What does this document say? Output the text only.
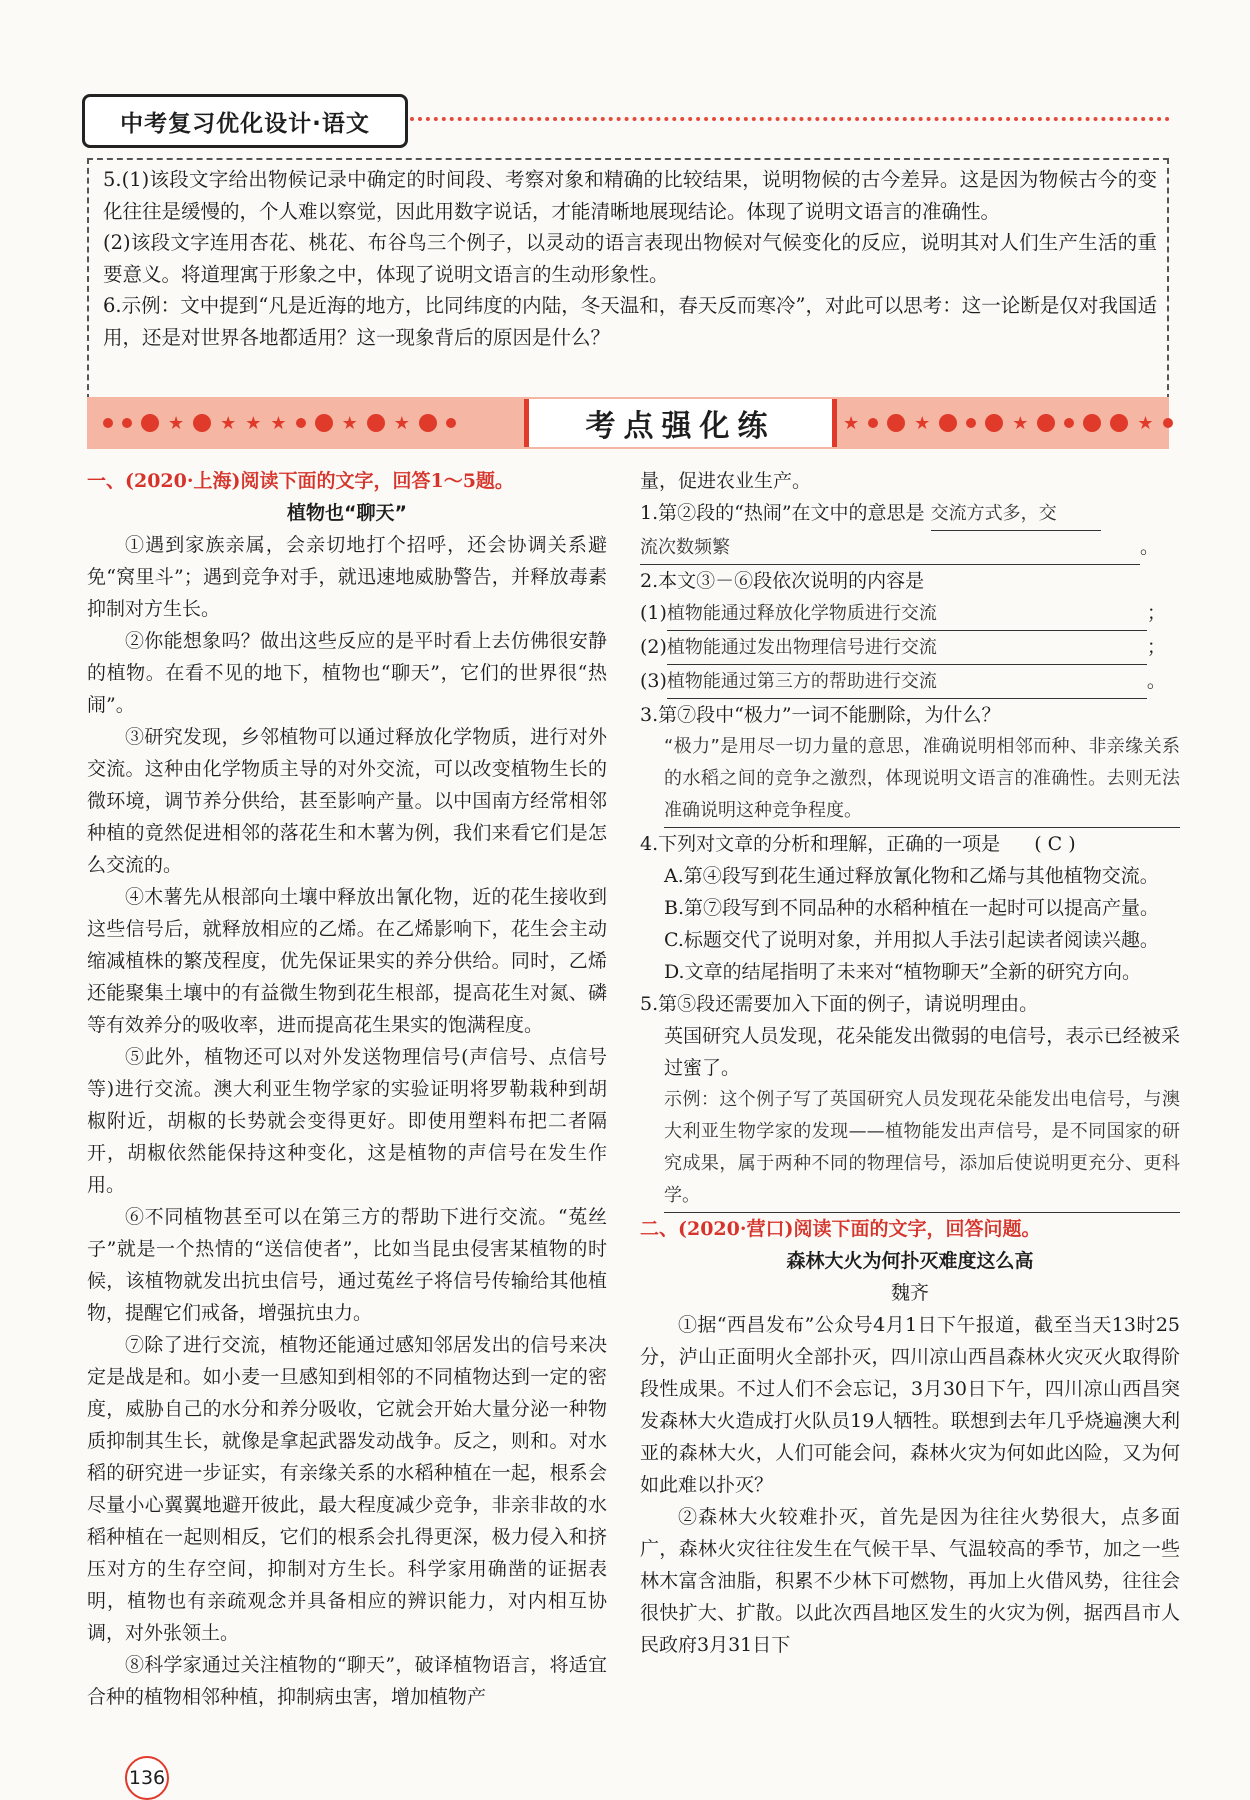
中考复习优化设计·语文

5.(1)该段文字给出物候记录中确定的时间段、考察对象和精确的比较结果，说明物候的古今差异。这是因为物候古今的变化往往是缓慢的，个人难以察觉，因此用数字说话，才能清晰地展现结论。体现了说明文语言的准确性。

(2)该段文字连用杏花、桃花、布谷鸟三个例子，以灵动的语言表现出物候对气候变化的反应，说明其对人们生产生活的重要意义。将道理寓于形象之中，体现了说明文语言的生动形象性。

6.示例：文中提到“凡是近海的地方，比同纬度的内陆，冬天温和，春天反而寒冷”，对此可以思考：这一论断是仅对我国适用，还是对世界各地都适用？这一现象背后的原因是什么？

★ ★ ★ ★	★ ★	考点强化练	★	★	★	★

一、(2020·上海)阅读下面的文字，回答1～5题。

植物也“聊天”

①遇到家族亲属，会亲切地打个招呼，还会协调关系避免“窝里斗”；遇到竞争对手，就迅速地威胁警告，并释放毒素抑制对方生长。

②你能想象吗？做出这些反应的是平时看上去仿佛很安静的植物。在看不见的地下，植物也“聊天”，它们的世界很“热闹”。

③研究发现，乡邻植物可以通过释放化学物质，进行对外交流。这种由化学物质主导的对外交流，可以改变植物生长的微环境，调节养分供给，甚至影响产量。以中国南方经常相邻种植的竟然促进相邻的落花生和木薯为例，我们来看它们是怎么交流的。

④木薯先从根部向土壤中释放出氰化物，近的花生接收到这些信号后，就释放相应的乙烯。在乙烯影响下，花生会主动缩减植株的繁茂程度，优先保证果实的养分供给。同时，乙烯还能聚集土壤中的有益微生物到花生根部，提高花生对氮、磷等有效养分的吸收率，进而提高花生果实的饱满程度。

⑤此外，植物还可以对外发送物理信号(声信号、点信号等)进行交流。澳大利亚生物学家的实验证明将罗勒栽种到胡椒附近，胡椒的长势就会变得更好。即使用塑料布把二者隔开，胡椒依然能保持这种变化，这是植物的声信号在发生作用。

⑥不同植物甚至可以在第三方的帮助下进行交流。“菟丝子”就是一个热情的“送信使者”，比如当昆虫侵害某植物的时候，该植物就发出抗虫信号，通过菟丝子将信号传输给其他植物，提醒它们戒备，增强抗虫力。

⑦除了进行交流，植物还能通过感知邻居发出的信号来决定是战是和。如小麦一旦感知到相邻的不同植物达到一定的密度，威胁自己的水分和养分吸收，它就会开始大量分泌一种物质抑制其生长，就像是拿起武器发动战争。反之，则和。对水稻的研究进一步证实，有亲缘关系的水稻种植在一起，根系会尽量小心翼翼地避开彼此，最大程度减少竞争，非亲非故的水稻种植在一起则相反，它们的根系会扎得更深，极力侵入和挤压对方的生存空间，抑制对方生长。科学家用确凿的证据表明，植物也有亲疏观念并具备相应的辨识能力，对内相互协调，对外张领土。

⑧科学家通过关注植物的“聊天”，破译植物语言，将适宜合种的植物相邻种植，抑制病虫害，增加植物产

量，促进农业生产。

1.第②段的“热闹”在文中的意思是 交流方式多，交

流次数频繁	。

2.本文③－⑥段依次说明的内容是

(1)植物能通过释放化学物质进行交流	；

(2)植物能通过发出物理信号进行交流	；

(3)植物能通过第三方的帮助进行交流	。

3.第⑦段中“极力”一词不能删除，为什么？

“极力”是用尽一切力量的意思，准确说明相邻而种、非亲缘关系的水稻之间的竞争之激烈，体现说明文语言的准确性。去则无法准确说明这种竞争程度。

4.下列对文章的分析和理解，正确的一项是 ( C )

A.第④段写到花生通过释放氰化物和乙烯与其他植物交流。

B.第⑦段写到不同品种的水稻种植在一起时可以提高产量。

C.标题交代了说明对象，并用拟人手法引起读者阅读兴趣。

D.文章的结尾指明了未来对“植物聊天”全新的研究方向。

5.第⑤段还需要加入下面的例子，请说明理由。

英国研究人员发现，花朵能发出微弱的电信号，表示已经被采过蜜了。

示例：这个例子写了英国研究人员发现花朵能发出电信号，与澳大利亚生物学家的发现——植物能发出声信号，是不同国家的研究成果，属于两种不同的物理信号，添加后使说明更充分、更科学。

二、(2020·营口)阅读下面的文字，回答问题。

森林大火为何扑灭难度这么高

魏齐

①据“西昌发布”公众号4月1日下午报道，截至当天13时25分，泸山正面明火全部扑灭，四川凉山西昌森林火灾灭火取得阶段性成果。不过人们不会忘记，3月30日下午，四川凉山西昌突发森林大火造成打火队员19人牺牲。联想到去年几乎烧遍澳大利亚的森林大火，人们可能会问，森林火灾为何如此凶险，又为何如此难以扑灭？

②森林大火较难扑灭，首先是因为往往火势很大，点多面广，森林火灾往往发生在气候干旱、气温较高的季节，加之一些林木富含油脂，积累不少林下可燃物，再加上火借风势，往往会很快扩大、扩散。以此次西昌地区发生的火灾为例，据西昌市人民政府3月31日下

136
